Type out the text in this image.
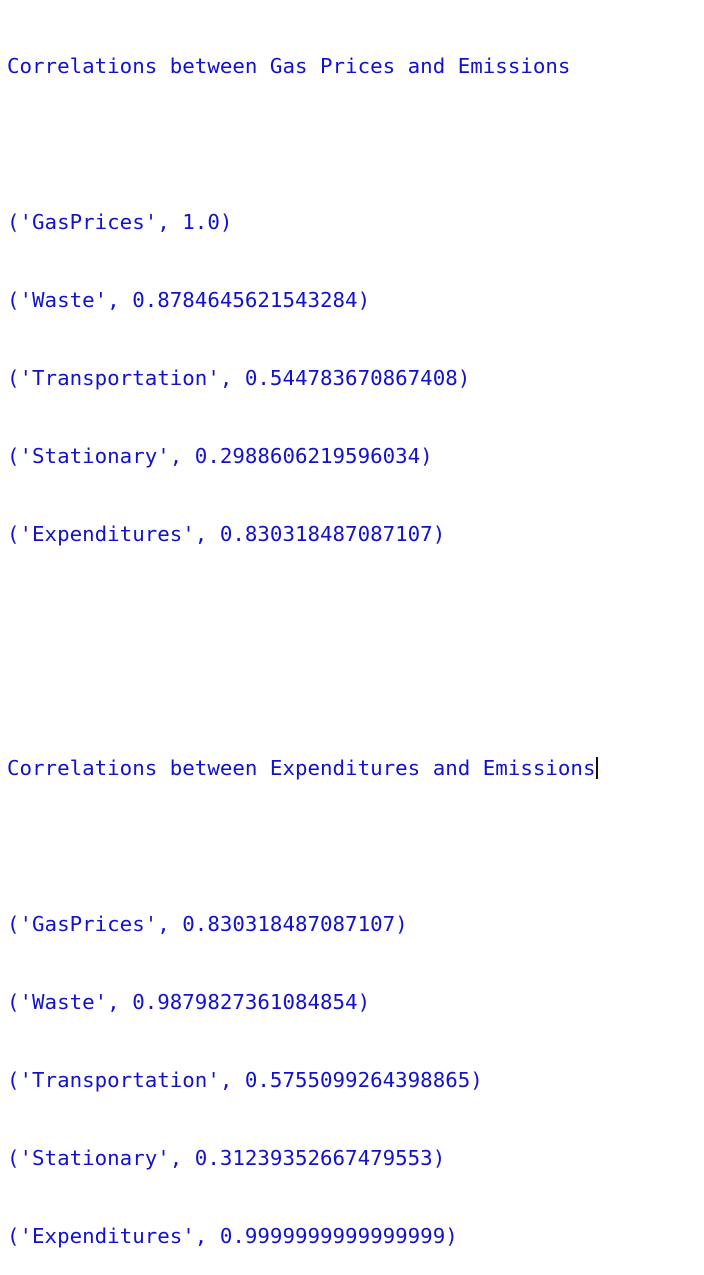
Correlations between Gas Prices and Emissions

('GasPrices', 1.0)

('Waste', 0.8784645621543284)

('Transportation', 0.544783670867408)

('Stationary', 0.2988606219596034)

('Expenditures', 0.830318487087107)

Correlations between Expenditures and Emissions

('GasPrices', 0.830318487087107)

('Waste', 0.9879827361084854)

('Transportation', 0.5755099264398865)

('Stationary', 0.31239352667479553)

('Expenditures', 0.9999999999999999)
